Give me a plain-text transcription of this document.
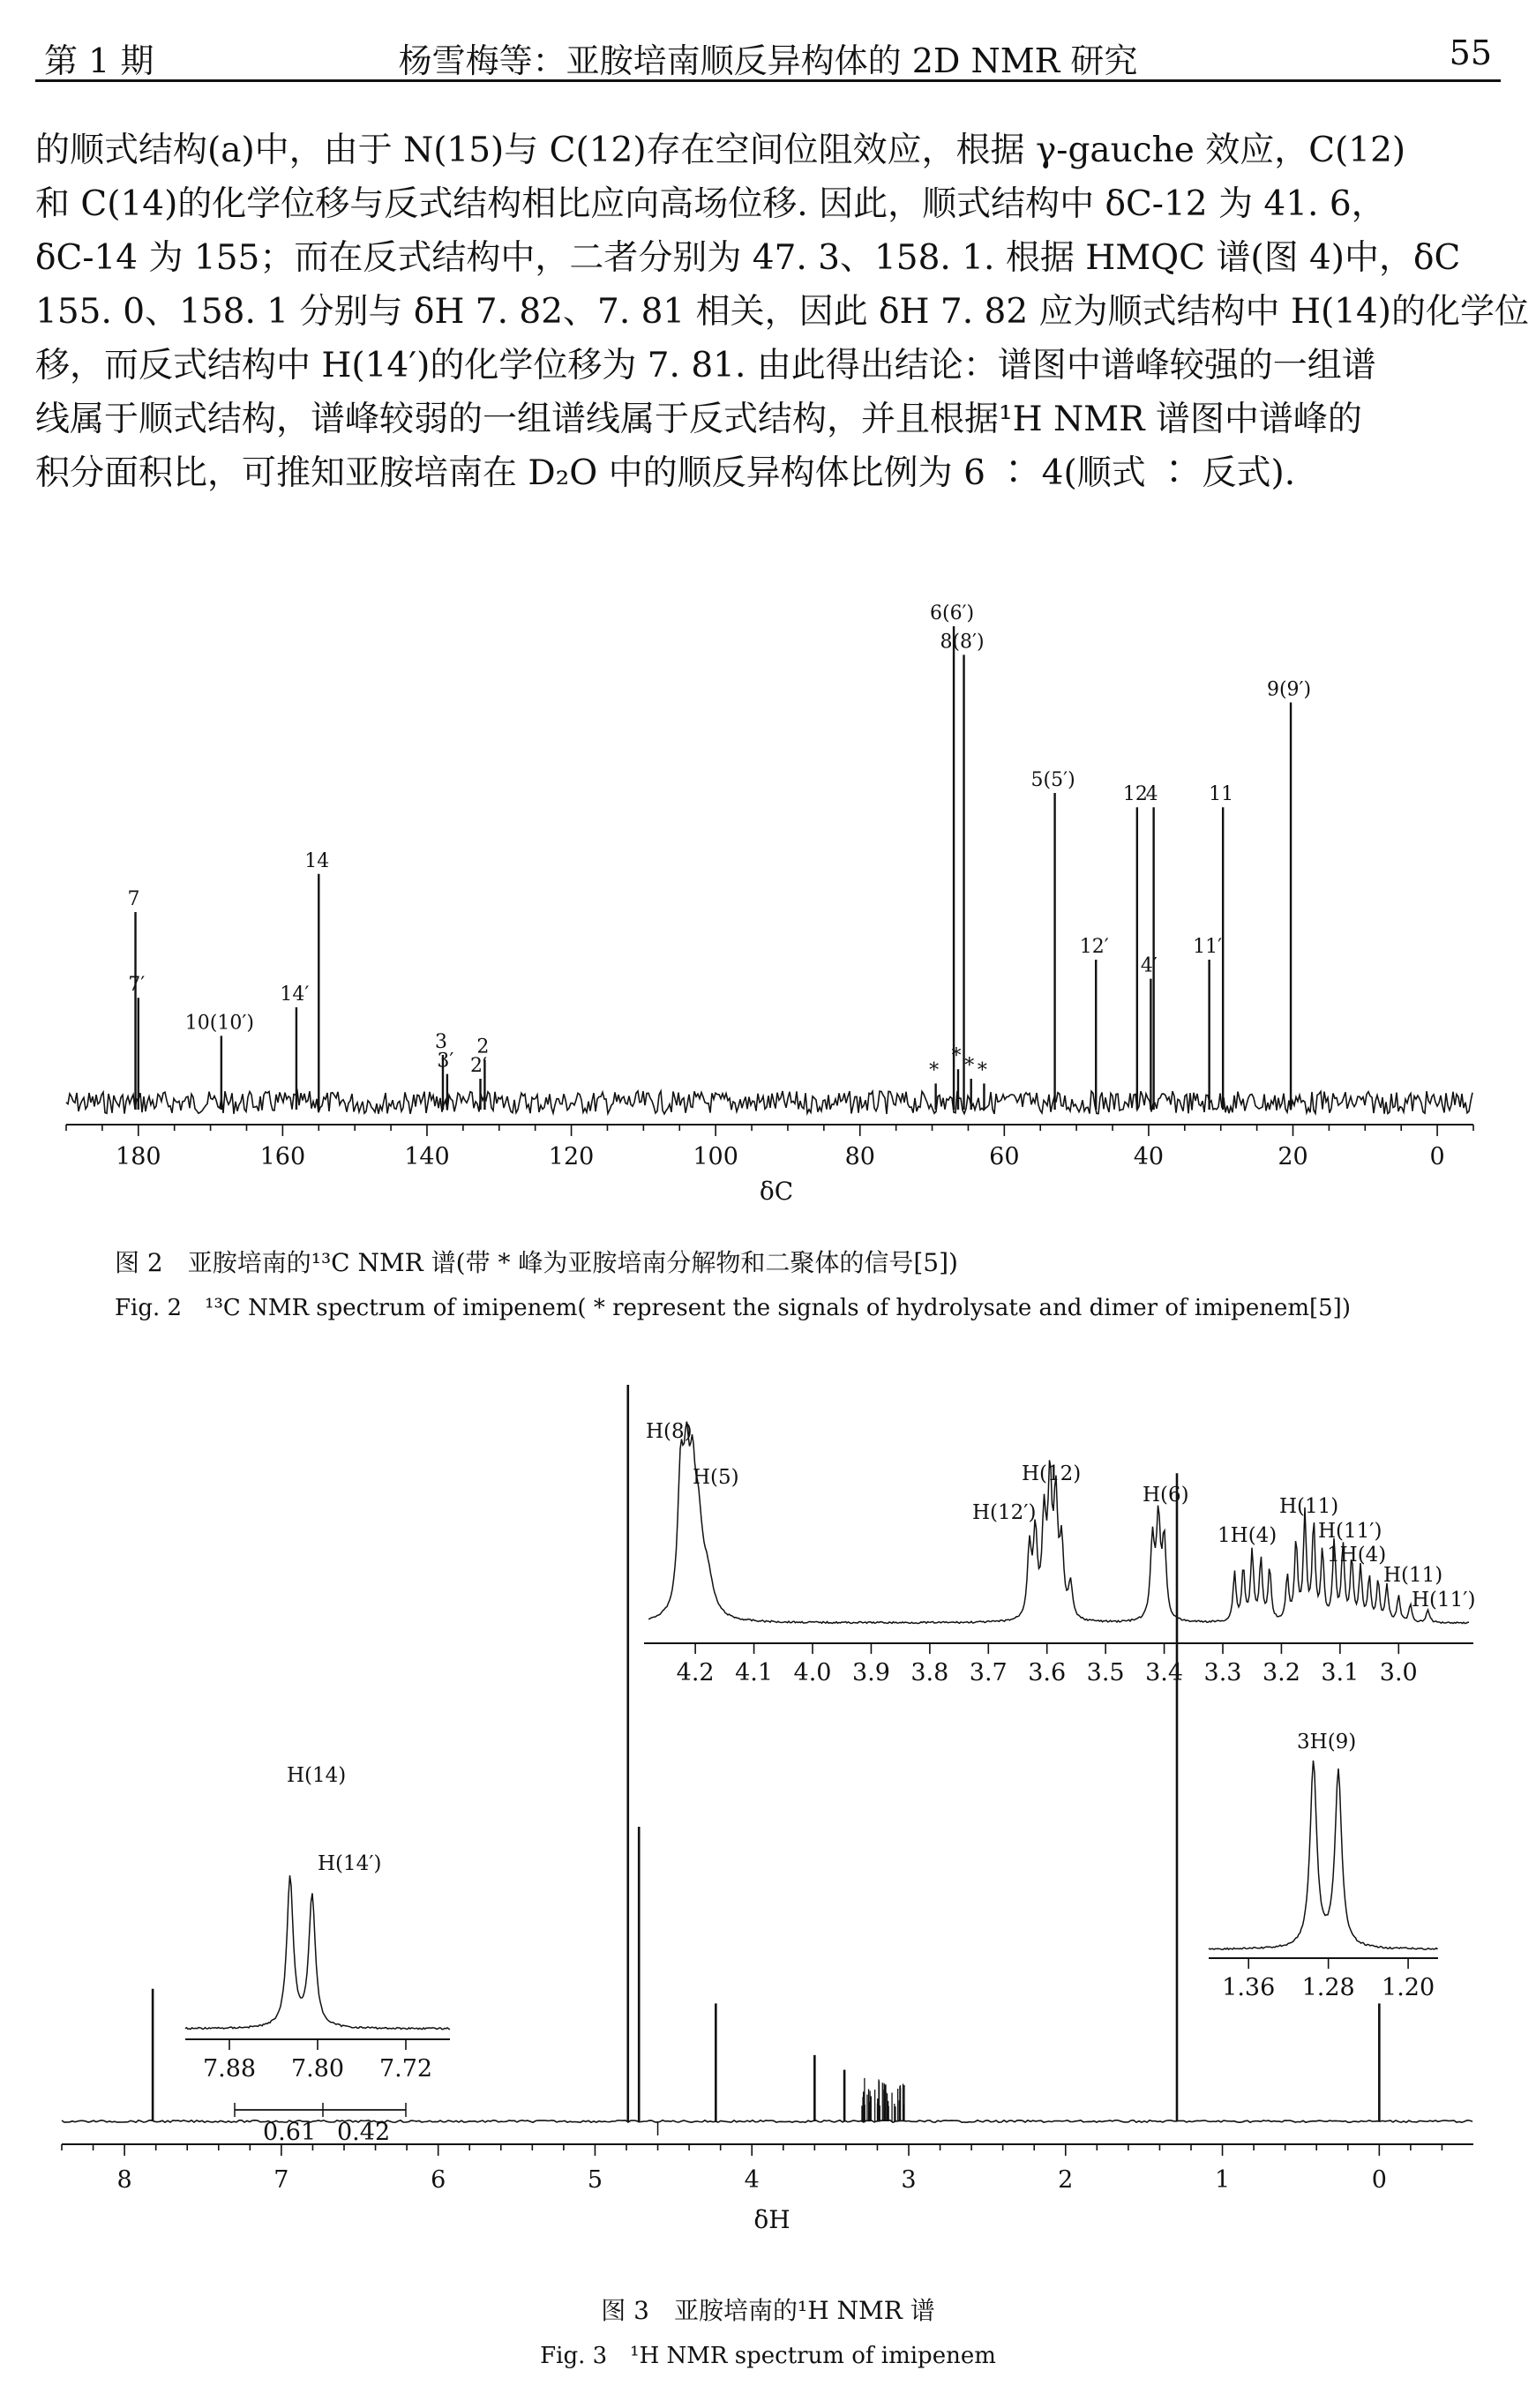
第 1 期	杨雪梅等：亚胺培南顺反异构体的 2D NMR 研究	55

的顺式结构(a)中，由于 N(15)与 C(12)存在空间位阻效应，根据 γ-gauche 效应，C(12)

和 C(14)的化学位移与反式结构相比应向高场位移. 因此，顺式结构中 δC-12 为 41. 6，

δC-14 为 155；而在反式结构中，二者分别为 47. 3、158. 1. 根据 HMQC 谱(图 4)中，δC

155. 0、158. 1 分别与 δH 7. 82、7. 81 相关，因此 δH 7. 82 应为顺式结构中 H(14)的化学位

移，而反式结构中 H(14′)的化学位移为 7. 81. 由此得出结论：谱图中谱峰较强的一组谱

线属于顺式结构，谱峰较弱的一组谱线属于反式结构，并且根据¹H NMR 谱图中谱峰的

积分面积比，可推知亚胺培南在 D₂O 中的顺反异构体比例为 6 ∶ 4(顺式 ∶ 反式).

7
7′
10(10′)
14′
14
3
3′ 2′
2
*
6(6′)
*
8(8′)
* *
5(5′)
12′
12
4′
4
11′
11
9(9′)
180	160	140	120	100	80	60	40	20	0
δC
图 2　亚胺培南的¹³C NMR 谱(带 * 峰为亚胺培南分解物和二聚体的信号[5])
Fig. 2　¹³C NMR spectrum of imipenem( * represent the signals of hydrolysate and dimer of imipenem[5])
8	7	6	5	4	3	2	1	0
δH
4.2 4.1 4.0 3.9 3.8 3.7 3.6 3.5 3.4 3.3 3.2 3.1 3.0
H(8)
H(5)
H(12′)
H(12)
H(6)
1H(4)
H(11)
H(11′)
1H(4)
H(11)
H(11′)
7.88 7.80 7.72
H(14)
H(14′)
0.61 0.42
1.36 1.28 1.20
3H(9)
图 3　亚胺培南的¹H NMR 谱
Fig. 3　¹H NMR spectrum of imipenem
